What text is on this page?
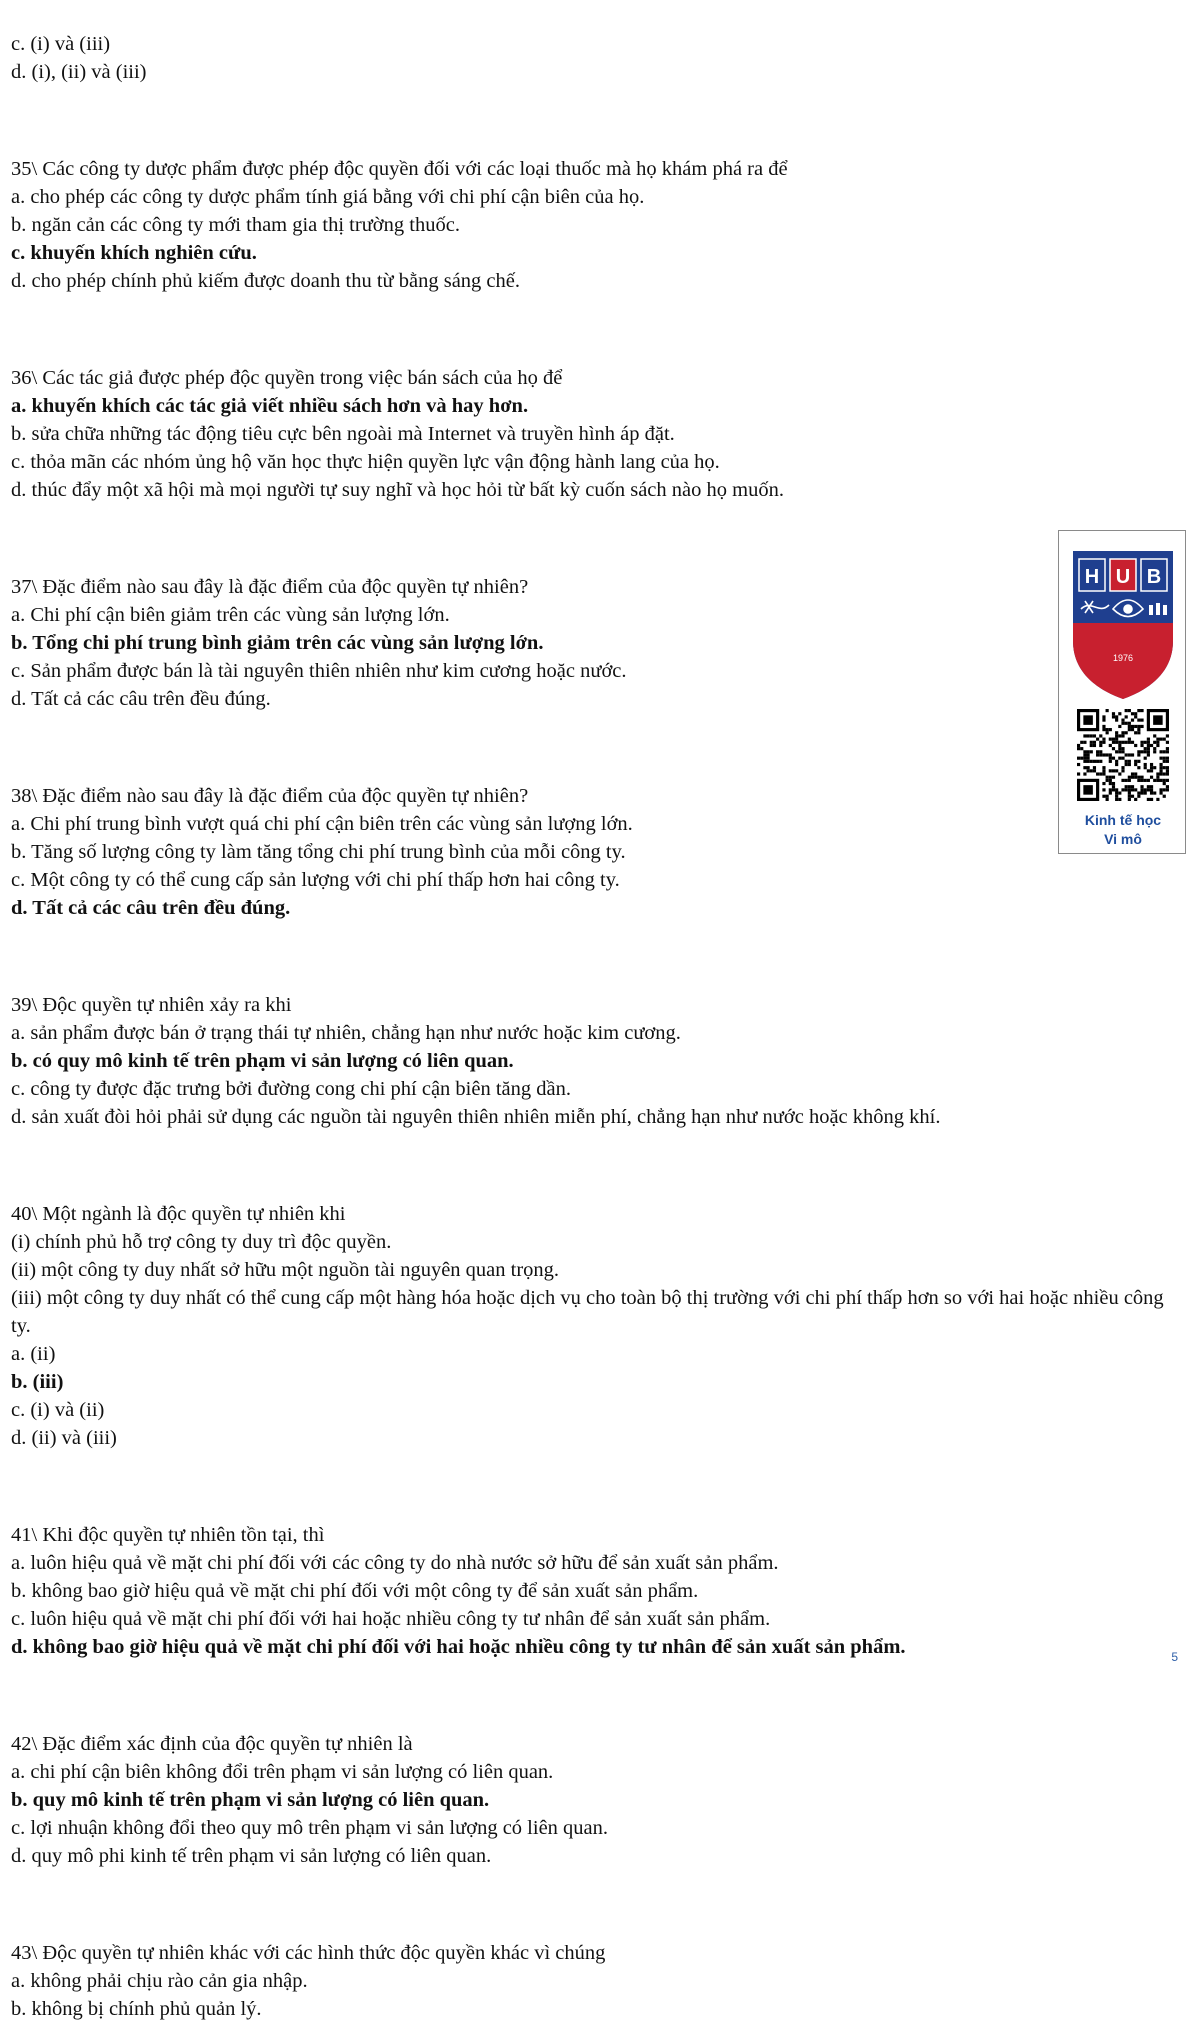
c. (i) và (iii)

d. (i), (ii) và (iii)

35\ Các công ty dược phẩm được phép độc quyền đối với các loại thuốc mà họ khám phá ra để

a. cho phép các công ty dược phẩm tính giá bằng với chi phí cận biên của họ.

b. ngăn cản các công ty mới tham gia thị trường thuốc.

c. khuyến khích nghiên cứu.

d. cho phép chính phủ kiếm được doanh thu từ bằng sáng chế.

36\ Các tác giả được phép độc quyền trong việc bán sách của họ để

a. khuyến khích các tác giả viết nhiều sách hơn và hay hơn.

b. sửa chữa những tác động tiêu cực bên ngoài mà Internet và truyền hình áp đặt.

c. thỏa mãn các nhóm ủng hộ văn học thực hiện quyền lực vận động hành lang của họ.

d. thúc đẩy một xã hội mà mọi người tự suy nghĩ và học hỏi từ bất kỳ cuốn sách nào họ muốn.

37\ Đặc điểm nào sau đây là đặc điểm của độc quyền tự nhiên?

a. Chi phí cận biên giảm trên các vùng sản lượng lớn.

b. Tổng chi phí trung bình giảm trên các vùng sản lượng lớn.

c. Sản phẩm được bán là tài nguyên thiên nhiên như kim cương hoặc nước.

d. Tất cả các câu trên đều đúng.

38\ Đặc điểm nào sau đây là đặc điểm của độc quyền tự nhiên?

a. Chi phí trung bình vượt quá chi phí cận biên trên các vùng sản lượng lớn.

b. Tăng số lượng công ty làm tăng tổng chi phí trung bình của mỗi công ty.

c. Một công ty có thể cung cấp sản lượng với chi phí thấp hơn hai công ty.

d. Tất cả các câu trên đều đúng.

39\ Độc quyền tự nhiên xảy ra khi

a. sản phẩm được bán ở trạng thái tự nhiên, chẳng hạn như nước hoặc kim cương.

b. có quy mô kinh tế trên phạm vi sản lượng có liên quan.

c. công ty được đặc trưng bởi đường cong chi phí cận biên tăng dần.

d. sản xuất đòi hỏi phải sử dụng các nguồn tài nguyên thiên nhiên miễn phí, chẳng hạn như nước hoặc không khí.

40\ Một ngành là độc quyền tự nhiên khi

(i) chính phủ hỗ trợ công ty duy trì độc quyền.

(ii) một công ty duy nhất sở hữu một nguồn tài nguyên quan trọng.

(iii) một công ty duy nhất có thể cung cấp một hàng hóa hoặc dịch vụ cho toàn bộ thị trường với chi phí thấp hơn so với hai hoặc nhiều công ty.

a. (ii)

b. (iii)

c. (i) và (ii)

d. (ii) và (iii)

41\ Khi độc quyền tự nhiên tồn tại, thì

a. luôn hiệu quả về mặt chi phí đối với các công ty do nhà nước sở hữu để sản xuất sản phẩm.

b. không bao giờ hiệu quả về mặt chi phí đối với một công ty để sản xuất sản phẩm.

c. luôn hiệu quả về mặt chi phí đối với hai hoặc nhiều công ty tư nhân để sản xuất sản phẩm.

d. không bao giờ hiệu quả về mặt chi phí đối với hai hoặc nhiều công ty tư nhân để sản xuất sản phẩm.

42\ Đặc điểm xác định của độc quyền tự nhiên là

a. chi phí cận biên không đổi trên phạm vi sản lượng có liên quan.

b. quy mô kinh tế trên phạm vi sản lượng có liên quan.

c. lợi nhuận không đổi theo quy mô trên phạm vi sản lượng có liên quan.

d. quy mô phi kinh tế trên phạm vi sản lượng có liên quan.

43\ Độc quyền tự nhiên khác với các hình thức độc quyền khác vì chúng

a. không phải chịu rào cản gia nhập.

b. không bị chính phủ quản lý.

H U B
1976
Kinh tế học
Vi mô
5
